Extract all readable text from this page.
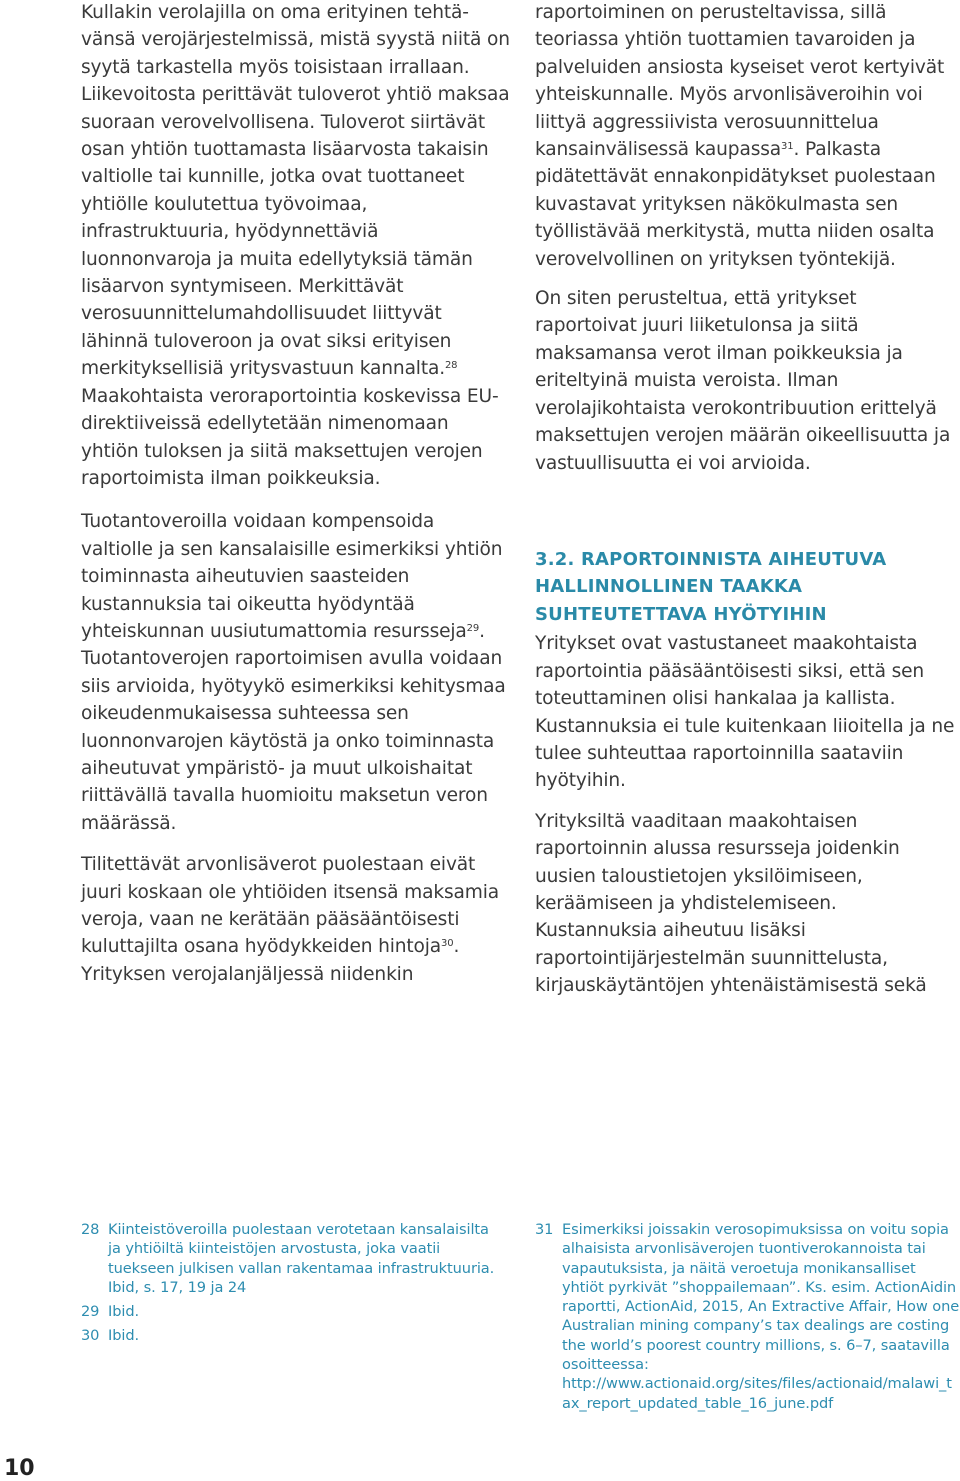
Kullakin verolajilla on oma erityinen tehtävänsä verojärjestelmissä, mistä syystä niitä on syytä tarkastella myös toisistaan irrallaan. Liikevoitosta perittävät tuloverot yhtiö maksaa suoraan verovelvollisena. Tuloverot siirtävät osan yhtiön tuottamasta lisäarvosta takaisin valtiolle tai kunnille, jotka ovat tuottaneet yhtiölle koulutettua työvoimaa, infrastruktuuria, hyödynnettäviä luonnonvaroja ja muita edellytyksiä tämän lisäarvon syntymiseen. Merkittävät verosuunnittelumahdollisuudet liittyvät lähinnä tuloveroon ja ovat siksi erityisen merkityksellisiä yritysvastuun kannalta.$^{28}$ Maakohtaista veroraportointia koskevissa EU-direktiiveissä edellytetään nimenomaan yhtiön tuloksen ja siitä maksettujen verojen raportoimista ilman poikkeuksia.

Tuotantoveroilla voidaan kompensoida valtiolle ja sen kansalaisille esimerkiksi yhtiön toiminnasta aiheutuvien saasteiden kustannuksia tai oikeutta hyödyntää yhteiskunnan uusiutumattomia resursseja$^{29}$. Tuotantoverojen raportoimisen avulla voidaan siis arvioida, hyötyykö esimerkiksi kehitysmaa oikeudenmukaisessa suhteessa sen luonnonvarojen käytöstä ja onko toiminnasta aiheutuvat ympäristö- ja muut ulkoishaitat riittävällä tavalla huomioitu maksetun veron määrässä.

Tilitettävät arvonlisäverot puolestaan eivät juuri koskaan ole yhtiöiden itsensä maksamia veroja, vaan ne kerätään pääsääntöisesti kuluttajilta osana hyödykkeiden hintoja$^{30}$. Yrityksen verojalanjäljessä niidenkin

raportoiminen on perusteltavissa, sillä teoriassa yhtiön tuottamien tavaroiden ja palveluiden ansiosta kyseiset verot kertyivät yhteiskunnalle. Myös arvonlisäveroihin voi liittyä aggressiivista verosuunnittelua kansainvälisessä kaupassa$^{31}$. Palkasta pidätettävät ennakonpidätykset puolestaan kuvastavat yrityksen näkökulmasta sen työllistävää merkitystä, mutta niiden osalta verovelvollinen on yrityksen työntekijä.

On siten perusteltua, että yritykset raportoivat juuri liiketulonsa ja siitä maksamansa verot ilman poikkeuksia ja eriteltyinä muista veroista. Ilman verolajikohtaista verokontribuution erittelyä maksettujen verojen määrän oikeellisuutta ja vastuullisuutta ei voi arvioida.

3.2. RAPORTOINNISTA AIHEUTUVA

HALLINNOLLINEN TAAKKA

SUHTEUTETTAVA HYÖTYIHIN

Yritykset ovat vastustaneet maakohtaista raportointia pääsääntöisesti siksi, että sen toteuttaminen olisi hankalaa ja kallista. Kustannuksia ei tule kuitenkaan liioitella ja ne tulee suhteuttaa raportoinnilla saataviin hyötyihin.

Yrityksiltä vaaditaan maakohtaisen raportoinnin alussa resursseja joidenkin uusien taloustietojen yksilöimiseen, keräämiseen ja yhdistelemiseen. Kustannuksia aiheutuu lisäksi raportointijärjestelmän suunnittelusta, kirjauskäytäntöjen yhtenäistämisestä sekä

28 Kiinteistöveroilla puolestaan verotetaan kansalaisilta ja yhtiöiltä kiinteistöjen arvostusta, joka vaatii tuekseen julkisen vallan rakentamaa infrastruktuuria. Ibid, s. 17, 19 ja 24
29 Ibid.
30 Ibid.
31 Esimerkiksi joissakin verosopimuksissa on voitu sopia alhaisista arvonlisäverojen tuontiverokannoista tai vapautuksista, ja näitä veroetuja monikansalliset yhtiöt pyrkivät ”shoppailemaan”. Ks. esim. ActionAidin raportti, ActionAid, 2015, An Extractive Affair, How one Australian mining company’s tax dealings are costing the world’s poorest country millions, s. 6–7, saatavilla osoitteessa: http://www.actionaid.org/sites/files/actionaid/malawi_tax_report_updated_table_16_june.pdf
10
